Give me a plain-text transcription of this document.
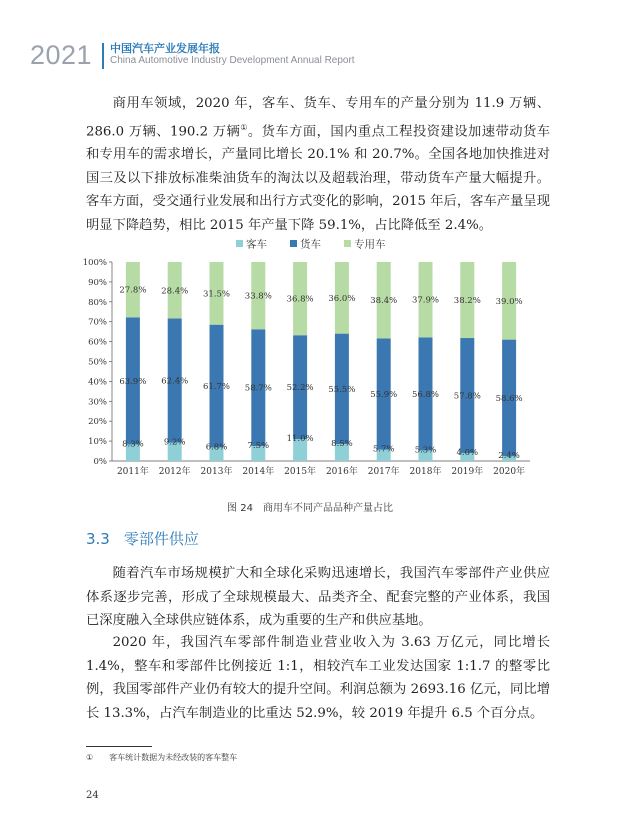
2021 中国汽车产业发展年报
China Automotive Industry Development Annual Report

商用车领域，2020 年，客车、货车、专用车的产量分别为 11.9 万辆、286.0 万辆、190.2 万辆①。货车方面，国内重点工程投资建设加速带动货车和专用车的需求增长，产量同比增长 20.1% 和 20.7%。全国各地加快推进对国三及以下排放标准柴油货车的淘汰以及超载治理，带动货车产量大幅提升。客车方面，受交通行业发展和出行方式变化的影响，2015 年后，客车产量呈现明显下降趋势，相比 2015 年产量下降 59.1%，占比降低至 2.4%。

客车	货车	专用车
0%
10%
20%
30%
40%
50%
60%
70%
80%
90%
100%
8.3%
63.9%
27.8%
2011年
9.2%
62.4%
28.4%
2012年
6.8%
61.7%
31.5%
2013年
7.5%
58.7%
33.8%
2014年
11.0%
52.2%
36.8%
2015年
8.5%
55.5%
36.0%
2016年
5.7%
55.9%
38.4%
2017年
5.3%
56.8%
37.9%
2018年
4.0%
57.8%
38.2%
2019年
2.4%
58.6%
39.0%
2020年
图 24　商用车不同产品品种产量占比
3.3 零部件供应

随着汽车市场规模扩大和全球化采购迅速增长，我国汽车零部件产业供应体系逐步完善，形成了全球规模最大、品类齐全、配套完整的产业体系，我国已深度融入全球供应链体系，成为重要的生产和供应基地。

2020 年，我国汽车零部件制造业营业收入为 3.63 万亿元，同比增长 1.4%，整车和零部件比例接近 1:1，相较汽车工业发达国家 1:1.7 的整零比例，我国零部件产业仍有较大的提升空间。利润总额为 2693.16 亿元，同比增长 13.3%，占汽车制造业的比重达 52.9%，较 2019 年提升 6.5 个百分点。

① 客车统计数据为未经改装的客车整车
24
